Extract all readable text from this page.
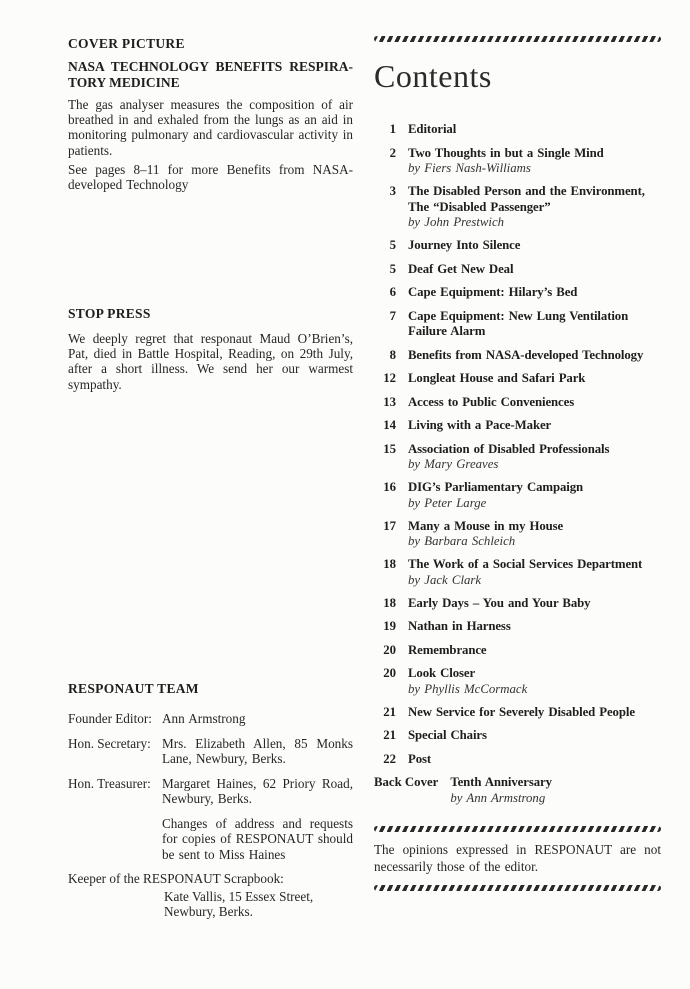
COVER PICTURE

NASA TECHNOLOGY BENEFITS RESPIRA-TORY MEDICINE

The gas analyser measures the composition of air breathed in and exhaled from the lungs as an aid in monitoring pulmonary and cardiovascular activity in patients.

See pages 8–11 for more Benefits from NASA-developed Technology

STOP PRESS

We deeply regret that responaut Maud O’Brien’s, Pat, died in Battle Hospital, Reading, on 29th July, after a short illness. We send her our warmest sympathy.

RESPONAUT TEAM
Founder Editor: Ann Armstrong
Hon. Secretary: Mrs. Elizabeth Allen, 85 Monks Lane, Newbury, Berks.
Hon. Treasurer: Margaret Haines, 62 Priory Road, Newbury, Berks.
Changes of address and requests for copies of RESPONAUT should be sent to Miss Haines
Keeper of the RESPONAUT Scrapbook:
Kate Vallis, 15 Essex Street,
Newbury, Berks.
Contents
1 Editorial
2 Two Thoughts in but a Single Mind
by Fiers Nash-Williams
3 The Disabled Person and the Environment, The “Disabled Passenger”
by John Prestwich
5 Journey Into Silence
5 Deaf Get New Deal
6 Cape Equipment: Hilary’s Bed
7 Cape Equipment: New Lung Ventilation Failure Alarm
8 Benefits from NASA-developed Technology
12 Longleat House and Safari Park
13 Access to Public Conveniences
14 Living with a Pace-Maker
15 Association of Disabled Professionals
by Mary Greaves
16 DIG’s Parliamentary Campaign
by Peter Large
17 Many a Mouse in my House
by Barbara Schleich
18 The Work of a Social Services Department
by Jack Clark
18 Early Days – You and Your Baby
19 Nathan in Harness
20 Remembrance
20 Look Closer
by Phyllis McCormack
21 New Service for Severely Disabled People
21 Special Chairs
22 Post
Back Cover Tenth Anniversary
by Ann Armstrong

The opinions expressed in RESPONAUT are not necessarily those of the editor.
